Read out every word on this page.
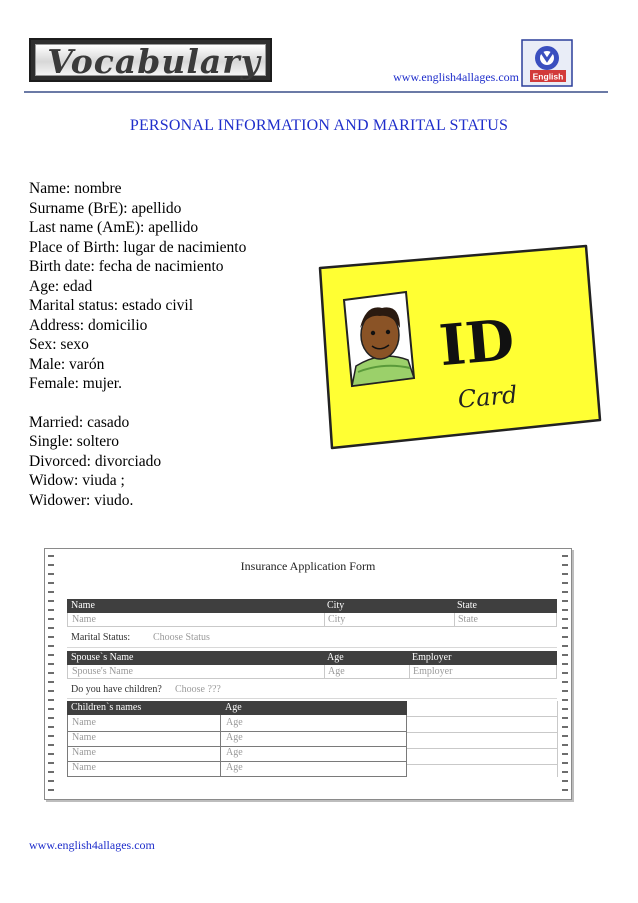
Vocabulary	www.english4allages.com English
PERSONAL INFORMATION AND MARITAL STATUS
Name: nombre
Surname (BrE): apellido
Last name (AmE): apellido
Place of Birth: lugar de nacimiento
Birth date: fecha de nacimiento
Age: edad
Marital status: estado civil
Address: domicilio
Sex: sexo
Male: varón
Female: mujer.
Married: casado
Single: soltero
Divorced: divorciado
Widow: viuda ;
Widower: viudo.
ID
Card
Insurance Application Form
Name	City	State
Name	City	State
Marital Status: Choose Status
Spouse`s Name	Age	Employer
Spouse's Name	Age	Employer
Do you have children? Choose ???
Children`s names	Age
Name	Age
Name	Age
Name	Age
Name	Age
www.english4allages.com
